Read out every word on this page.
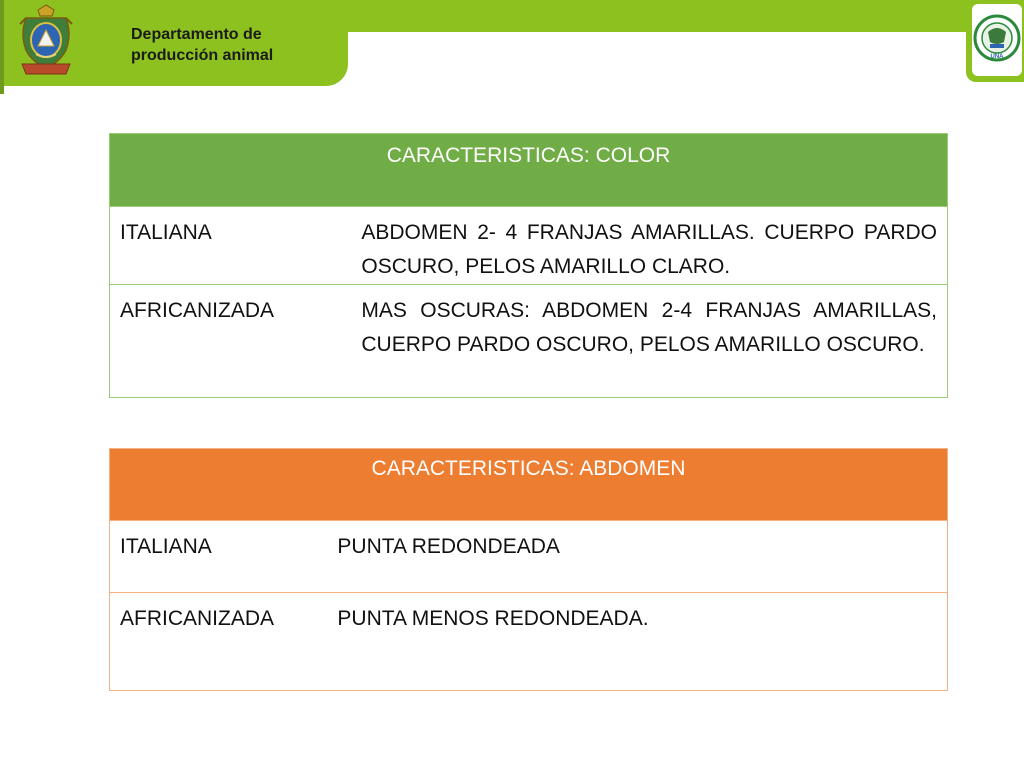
Departamento de
producción animal	UNA
CARACTERISTICAS: COLOR	
ITALIANA	ABDOMEN 2- 4 FRANJAS AMARILLAS. CUERPO PARDO OSCURO, PELOS AMARILLO CLARO.
AFRICANIZADA	MAS OSCURAS: ABDOMEN 2-4 FRANJAS AMARILLAS, CUERPO PARDO OSCURO, PELOS AMARILLO OSCURO.
CARACTERISTICAS: ABDOMEN	
ITALIANA	PUNTA REDONDEADA
AFRICANIZADA	PUNTA MENOS REDONDEADA.
